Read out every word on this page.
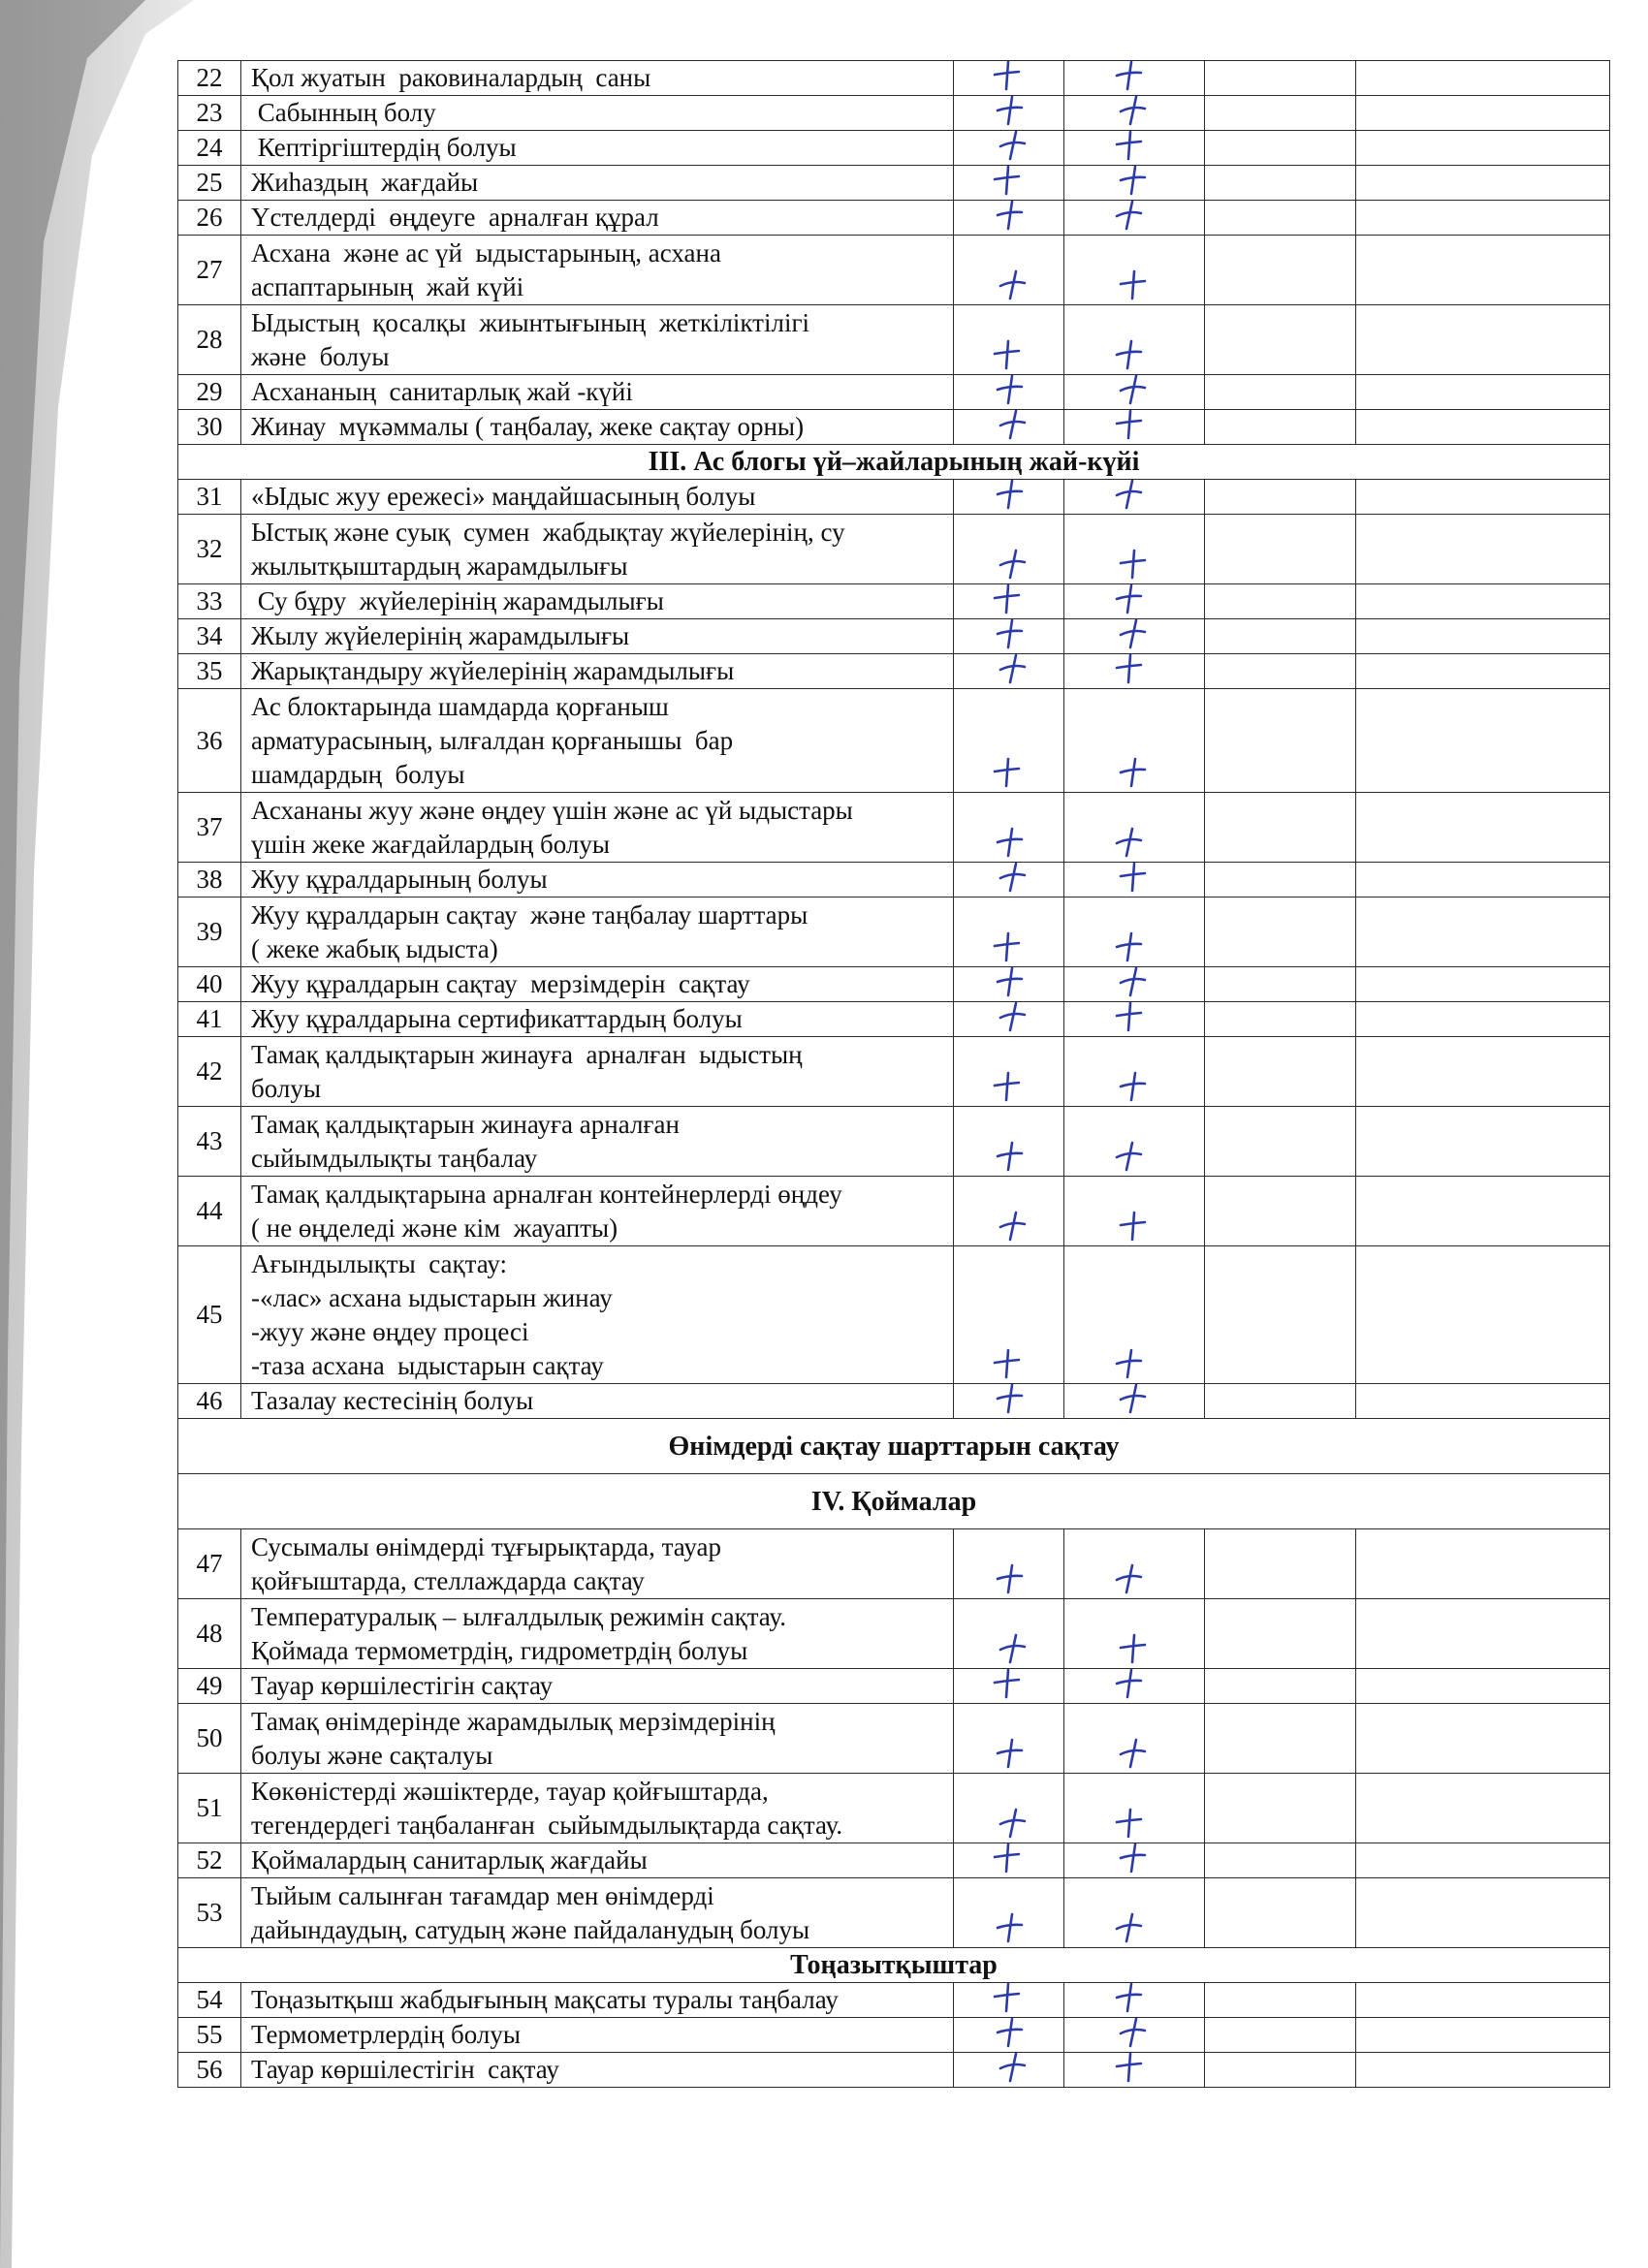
22	Қол жуатын  раковиналардың  саны

23	Сабынның болу

24	Кептіргіштердің болуы

25	Жиһаздың  жағдайы

26	Үстелдерді  өңдеуге  арналған құрал

27	Асхана  және ас үй  ыдыстарының, асхана
аспаптарының  жай күйі

28	Ыдыстың  қосалқы  жиынтығының  жеткіліктілігі
және  болуы

29	Асхананың  санитарлық жай -күйі

30	Жинау  мүкәммалы ( таңбалау, жеке сақтау орны)

ІІІ. Ас блогы үй–жайларының жай-күйі					
31	«Ыдыс жуу ережесі» маңдайшасының болуы

32	Ыстық және суық  сумен  жабдықтау жүйелерінің, су
жылытқыштардың жарамдылығы

33	Су бұру  жүйелерінің жарамдылығы

34	Жылу жүйелерінің жарамдылығы

35	Жарықтандыру жүйелерінің жарамдылығы

36	Ас блоктарында шамдарда қорғаныш
арматурасының, ылғалдан қорғанышы  бар
шамдардың  болуы

37	Асхананы жуу және өңдеу үшін және ас үй ыдыстары
үшін жеке жағдайлардың болуы

38	Жуу құралдарының болуы

39	Жуу құралдарын сақтау  және таңбалау шарттары
( жеке жабық ыдыста)

40	Жуу құралдарын сақтау  мерзімдерін  сақтау

41	Жуу құралдарына сертификаттардың болуы

42	Тамақ қалдықтарын жинауға  арналған  ыдыстың
болуы

43	Тамақ қалдықтарын жинауға арналған
сыйымдылықты таңбалау

44	Тамақ қалдықтарына арналған контейнерлерді өңдеу
( не өңделеді және кім  жауапты)

45	Ағындылықты  сақтау:
-«лас» асхана ыдыстарын жинау
-жуу және өңдеу процесі
-таза асхана  ыдыстарын сақтау

46	Тазалау кестесінің болуы

Өнімдерді сақтау шарттарын сақтау					
IV. Қоймалар					
47	Сусымалы өнімдерді тұғырықтарда, тауар
қойғыштарда, стеллаждарда сақтау

48	Температуралық – ылғалдылық режимін сақтау.
Қоймада термометрдің, гидрометрдің болуы

49	Тауар көршілестігін сақтау

50	Тамақ өнімдерінде жарамдылық мерзімдерінің
болуы және сақталуы

51	Көкөністерді жәшіктерде, тауар қойғыштарда,
тегендердегі таңбаланған  сыйымдылықтарда сақтау.

52	Қоймалардың санитарлық жағдайы

53	Тыйым салынған тағамдар мен өнімдерді
дайындаудың, сатудың және пайдаланудың болуы

Тоңазытқыштар					
54	Тоңазытқыш жабдығының мақсаты туралы таңбалау

55	Термометрлердің болуы

56	Тауар көршілестігін  сақтау
